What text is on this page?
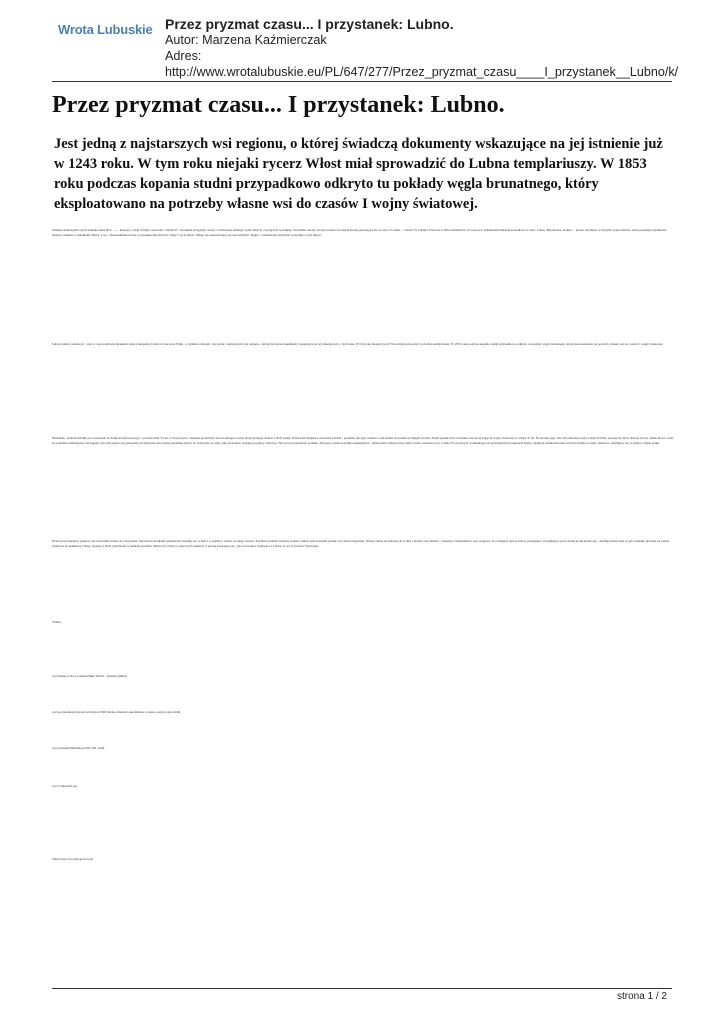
Wrota Lubuskie Przez pryzmat czasu... I przystanek: Lubno.
Autor: Marzena Kaźmierczak
Adres:
http://www.wrotalubuskie.eu/PL/647/277/Przez_pryzmat_czasu____I_przystanek__Lubno/k/
Przez pryzmat czasu... I przystanek: Lubno.

Jest jedną z najstarszych wsi regionu, o której świadczą dokumenty wskazujące na jej istnienie już w 1243 roku. W tym roku niejaki rycerz Włost miał sprowadzić do Lubna templariuszy. W 1853 roku podczas kopania studni przypadkowo odkryto tu pokłady węgla brunatnego, który eksploatowano na potrzeby własne wsi do czasów I wojny światowej.

Właśnie skończyłam czytać książkę Anne Rice – „... kolejną z cyklu "Dzieje czarownic z Mayfair". Zaczęłam przeglądać strony w Internecie szukając opinii innych, czytających tę książkę. Wróciłam, słuchy, strony, kobieta na białym koniu pojawiająca się w lesie w Lubnie ... Gdzie? W Lubnie? Przecież to kilka kilometrów od Gorzowa. Zdumiałam tematem posiadłości w sieci: Lubno, Baranówka, Kołpin ... prawie 40 miejsc w naszym województwie, które posiadają tajemnicze historie, niektóre z okładkami folklor w tle... Przeszukałam strony w poszukiwaniu historii i zdjęć z tych miejsc. Długo nie zastanawiając się sprawdziłam "magię" i zamierzam odwiedzić wszystkie z tych miejsc.

Lubno (niem. Liebenow) - wieś w województwie lubuskim, leżąca niespełna 14 km od Gorzowa Wlkp., w gminie Lubiszyn. Jest jedną z najstarszych wsi regionu, o której świadczą dokumenty wskazujące na jej istnienie już w 1243 roku. W tym roku niejaki rycerz Włost miał sprowadzić do Lubna templariuszy. W 1853 roku podczas kopania studni przypadkowo odkryto tu pokłady węgla brunatnego, który eksploatowano na potrzeby własne wsi do czasów I wojny światowej.

Niedaleko, obok Kościółka pod wezwanie do Parku krajobrazowego, o powierzchni 5,5 ha, w którym jest z dalekiej przeszłości na nas zerkające ruiny neogotyckiego Pałacu z XIX wieku. Właściciel majątku z nazwiska Teichel - podobno jak jego rodzina i cała służba, był nadzwyczajnym sercem. Zmarł jednak dość wcześnie, nie doczywając II wojny światowej w wieku 37 lat. Na terenie jego, dwa lata młodszej żony Celiny Teichel, zaczęły się dziać dziwne rzeczy. Jedna mówi o tym, że popełniła samobójstwo naciągając dwa chwytające się pozwalały na dzisiejsze dni. Druga natomiast mówi, że zobaczyła we śnie, jaką przyszłość szykują jej pałacy sześcioro. Nie jest potwierdzone podanie, dlaczego Celina popełniła samobójstwo. Ostatecznie samym wójtą dzieci, które osadzone przy ścianie. Po nowszych wymieniających posiadłościach pogłosach krąży, ciągnięty koński karawan zawiózł trumnę na mały cmentarz, znajdujący się w jednej z alejek parku.

Dziś nawet zakończy parkowe już niezwykłe trudno do odczytania. Ogrodzony źródłami cmentarzyk znajduje się w lesie i w kaplicy i trudno do niego dotrzeć. Podobno siedziba niestety zatarło i ludzie dziś posiadali jednak trzy tablice nagrobne. Wierzę siebie na nadzieję do Celiny i Karola von Teichel - czekamy z uśmiechem z tego wzgórza, że w miejscu tym te nazwy pożegnane i przyjmujące przez ducha grodu kobiecego - działają mistycznie w tym wielkim ogrodzie na Lubno. Gdzieś tu na kamienną Celinę, zgodną w bieli, przechodzi w kamień, podobno miejscowi widzą w parkowych alejkach w pewną krzątającą się - jak czarownica wędrująca z Lubna. A czy to prawda? Sprawdzę.

Źródło:

www.lubno.ovh.pl, Lubuszańskie Wieści - gazetka gminna

www.polskaniezwykla.pl/web/place/21905.lubno-cmentarz-zapomniany-w-lesie-i-ruiny-palacu.html

www.zwiedzajlubuskie.pl/561,536_.html

www.wikipedia.org

Tekst: http://www.mygorzow.pl/

strona 1 / 2
